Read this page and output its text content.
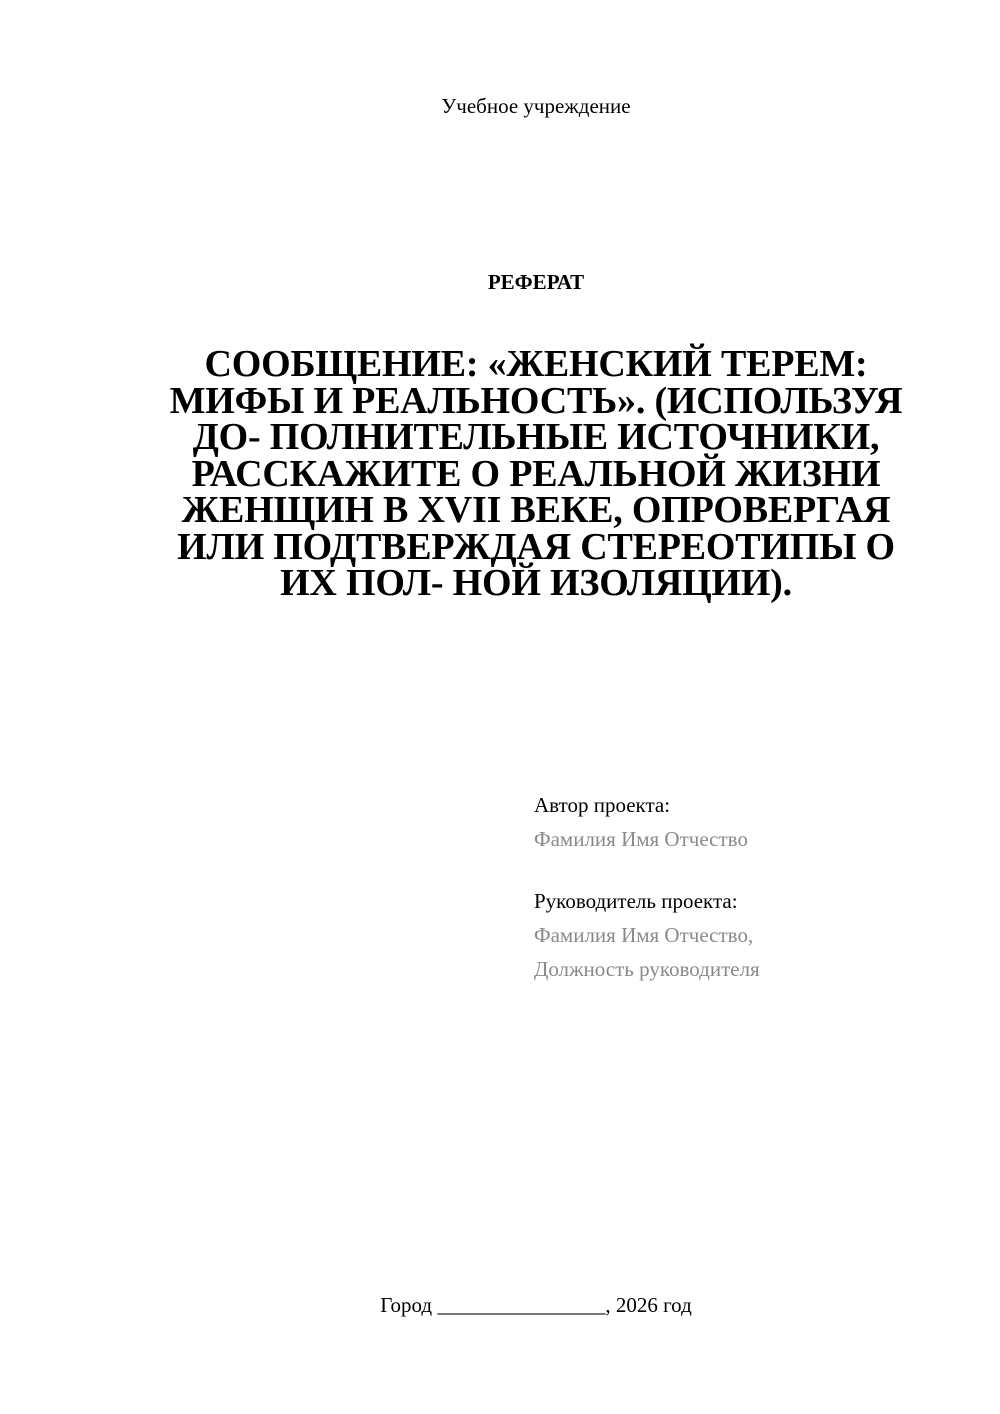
Учебное учреждение
РЕФЕРАТ
СООБЩЕНИЕ: «ЖЕНСКИЙ ТЕРЕМ: МИФЫ И РЕАЛЬНОСТЬ». (ИСПОЛЬЗУЯ ДО- ПОЛНИТЕЛЬНЫЕ ИСТОЧНИКИ, РАССКАЖИТЕ О РЕАЛЬНОЙ ЖИЗНИ ЖЕНЩИН В XVII ВЕКЕ, ОПРОВЕРГАЯ ИЛИ ПОДТВЕРЖДАЯ СТЕРЕОТИПЫ О ИХ ПОЛ- НОЙ ИЗОЛЯЦИИ).
Автор проекта:
Фамилия Имя Отчество
Руководитель проекта:
Фамилия Имя Отчество,
Должность руководителя
Город ________________, 2026 год
